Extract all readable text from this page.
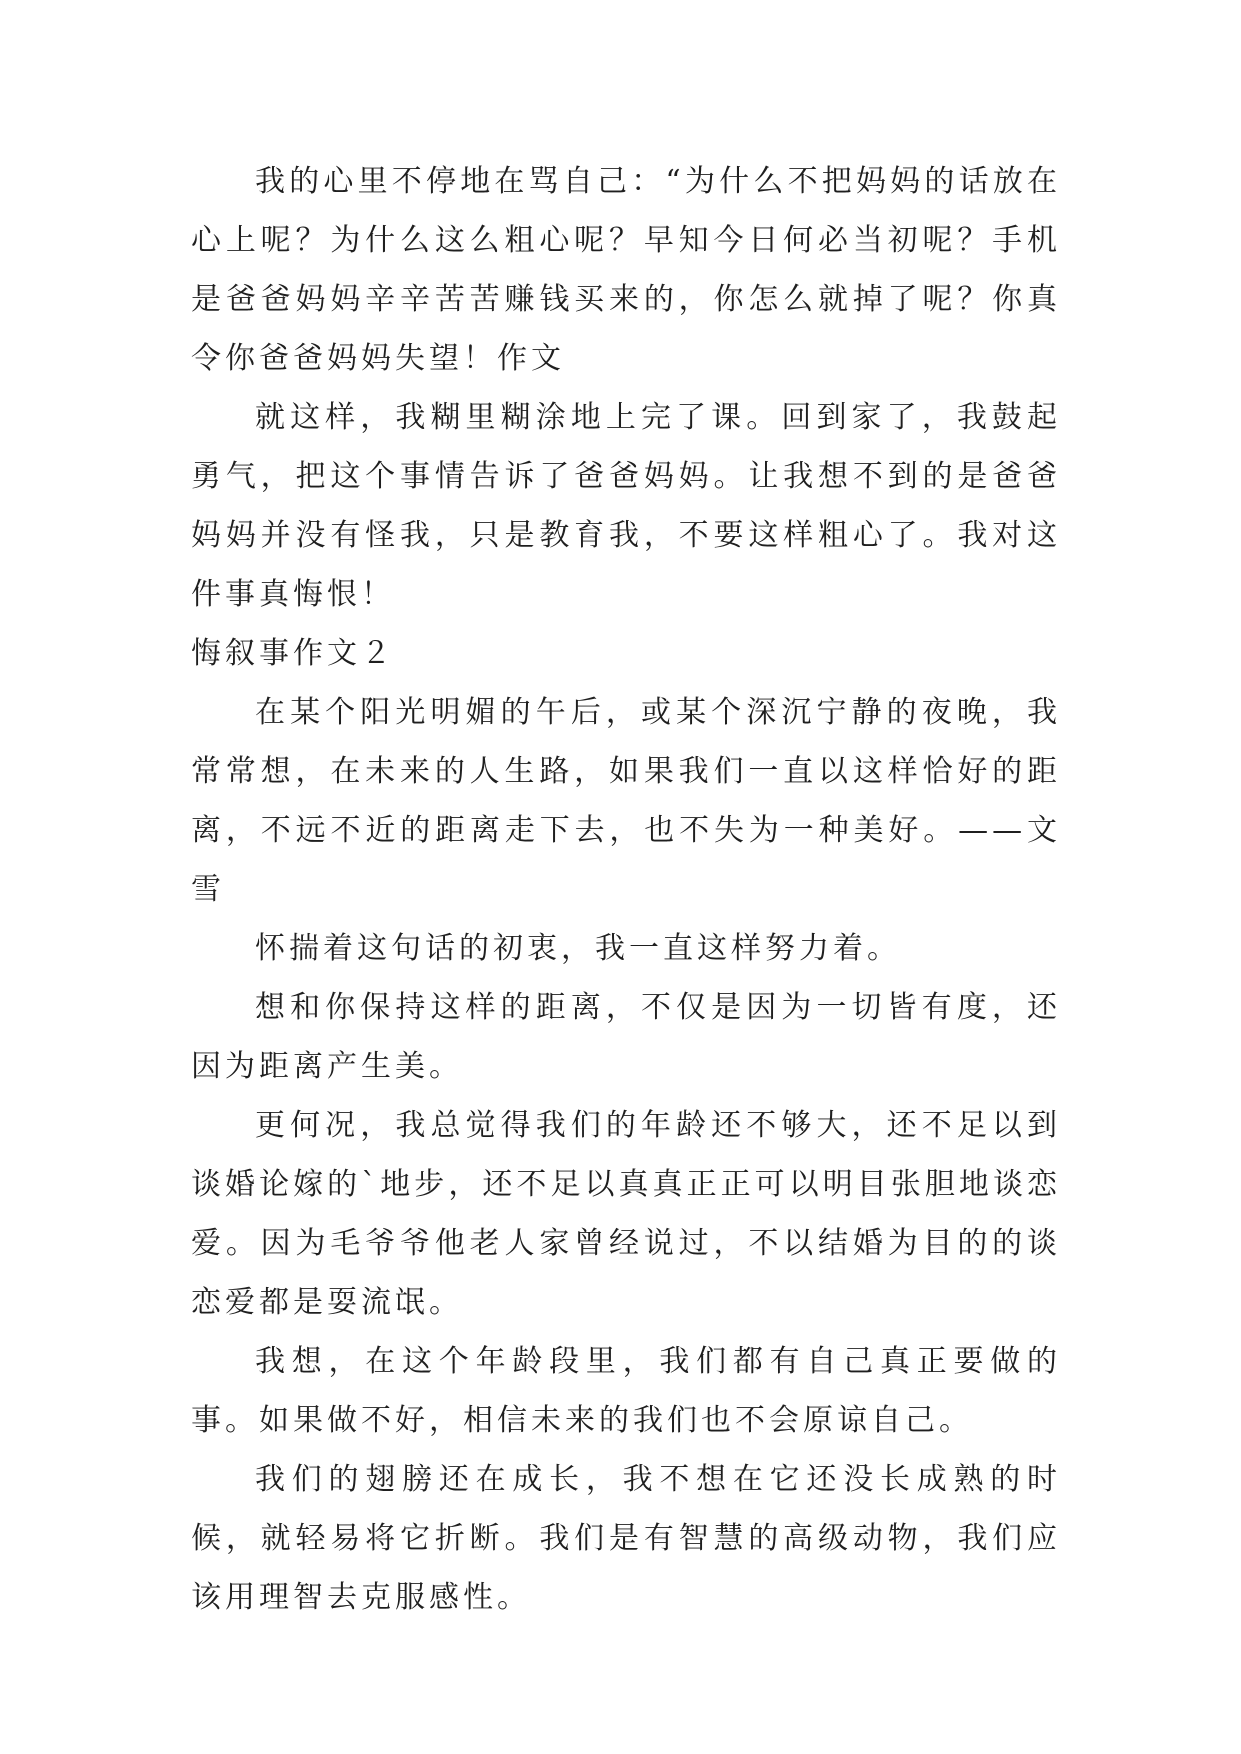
我的心里不停地在骂自己：“为什么不把妈妈的话放在心上呢？为什么这么粗心呢？早知今日何必当初呢？手机是爸爸妈妈辛辛苦苦赚钱买来的，你怎么就掉了呢？你真令你爸爸妈妈失望！作文

就这样，我糊里糊涂地上完了课。回到家了，我鼓起勇气，把这个事情告诉了爸爸妈妈。让我想不到的是爸爸妈妈并没有怪我，只是教育我，不要这样粗心了。我对这件事真悔恨！

悔叙事作文２

在某个阳光明媚的午后，或某个深沉宁静的夜晚，我常常想，在未来的人生路，如果我们一直以这样恰好的距离，不远不近的距离走下去，也不失为一种美好。——文雪

怀揣着这句话的初衷，我一直这样努力着。

想和你保持这样的距离，不仅是因为一切皆有度，还因为距离产生美。

更何况，我总觉得我们的年龄还不够大，还不足以到谈婚论嫁的`地步，还不足以真真正正可以明目张胆地谈恋爱。因为毛爷爷他老人家曾经说过，不以结婚为目的的谈恋爱都是耍流氓。

我想，在这个年龄段里，我们都有自己真正要做的事。如果做不好，相信未来的我们也不会原谅自己。

我们的翅膀还在成长，我不想在它还没长成熟的时候，就轻易将它折断。我们是有智慧的高级动物，我们应该用理智去克服感性。
